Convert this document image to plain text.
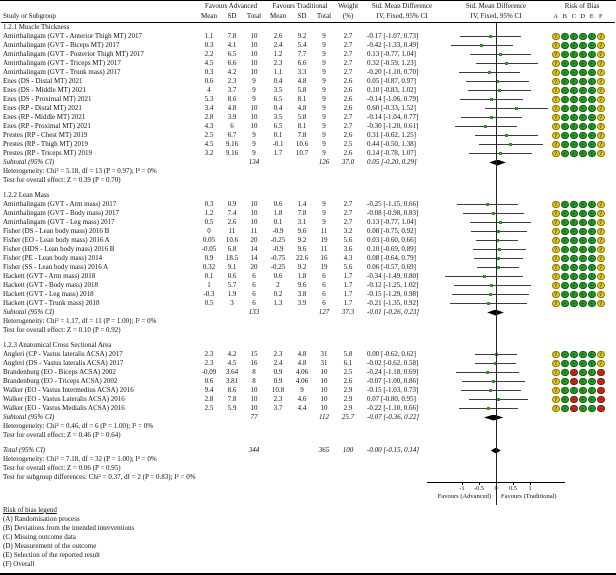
Study or Subgroup
Favours Advanced	Favours Traditional	Weight	Std. Mean Difference	Std. Mean Difference	Risk of Bias
Mean	SD	Total	Mean	SD	Total	(%)	IV, Fixed, 95% CI	IV, Fixed, 95% CI	A B C D E F
1.2.1 Muscle Thickness
Amirthalingam (GVT - Anterior Thigh MT) 2017	1.1	7.8	10	2.6	9.2	9	2.7	-0.17 [-1.07, 0.73]	?	+	+	+	+	?
Amirthalingam (GVT - Biceps MT) 2017	0.3	4.1	10	2.4	5.4	9	2.7	-0.42 [-1.33, 0.49]	?	+	+	+	+	?
Amirthalingam (GVT - Posterior Thigh MT) 2017	2.2	6.5	10	1.2	7.7	9	2.7	0.13 [-0.77, 1.04]	?	+	+	+	+	?
Amirthalingam (GVT - Triceps MT) 2017	4.5	6.6	10	2.3	6.6	9	2.7	0.32 [-0.59, 1.23]	?	+	+	+	+	?
Amirthalingam (GVT - Trunk mass) 2017	0.3	4.2	10	1.1	3.3	9	2.7	-0.20 [-1.10, 0.70]	?	+	+	+	+	?
Enes (DS - Distal MT) 2021	0.6	2.3	9	0.4	4.8	9	2.6	0.05 [-0.87, 0.97]	?	+	+	+	+	?
Enes (DS - Middle MT) 2021	4	3.7	9	3.5	5.8	9	2.6	0.10 [-0.83, 1.02]	?	+	+	+	+	?
Enes (DS - Proximal MT) 2021	5.3	8.6	9	6.5	8.1	9	2.6	-0.14 [-1.06, 0.79]	?	+	+	+	+	?
Enes (RP - Distal MT) 2021	3.4	4.8	10	0.4	4.8	9	2.6	0.60 [-0.33, 1.52]	?	+	+	+	+	?
Enes (RP - Middle MT) 2021	2.8	3.9	10	3.5	5.8	9	2.7	-0.14 [-1.04, 0.77]	?	+	+	+	+	?
Enes (RP - Proximal MT) 2021	4.3	6	10	6.5	8.1	9	2.7	-0.30 [-1.20, 0.61]	?	+	+	+	+	?
Prestes (RP - Chest MT) 2019	2.5	6.7	9	0.1	7.8	9	2.6	0.31 [-0.62, 1.25]	?	+	+	+	+	?
Prestes (RP - Thigh MT) 2019	4.5	9.16	9	-0.1	10.6	9	2.5	0.44 [-0.50, 1.38]	?	+	+	+	+	?
Prestes (RP - Triceps MT) 2019	3.2	9.16	9	1.7	10.7	9	2.6	0.14 [-0.78, 1.07]	?	+	+	+	+	?
Subtotal (95% CI)	134	126	37.0	0.05 [-0.20, 0.29]
Heterogeneity: Chi² = 5.18, df = 13 (P = 0.97); I² = 0%
Test for overall effect: Z = 0.39 (P = 0.70)
1.2.2 Lean Mass
Amirthalingam (GVT - Arm mass) 2017	0.3	0.9	10	0.6	1.4	9	2.7	-0.25 [-1.15, 0.66]	?	+	+	+	+	?
Amirthalingam (GVT - Body mass) 2017	1.2	7.4	10	1.8	7.8	9	2.7	-0.08 [-0.98, 0.83]	?	+	+	+	+	?
Amirthalingam (GVT - Leg mass) 2017	0.5	2.6	10	0.1	3.1	9	2.7	0.13 [-0.77, 1.04]	?	+	+	+	+	?
Fisher (DS - Lean body mass) 2016 B	0	11	11	-0.9	9.6	11	3.2	0.08 [-0.75, 0.92]	?	+	+	+	+	?
Fisher (EO - Lean body mass) 2016 A	0.05	10.6	20	-0.25	9.2	19	5.6	0.03 [-0.60, 0.66]	?	+	+	+	+	?
Fisher (HDS - Lean body mass) 2016 B	-0.05	6.8	14	-0.9	9.6	11	3.6	0.10 [-0.69, 0.89]	?	+	+	+	+	?
Fisher (PE - Lean body mass) 2014	0.9	18.5	14	-0.75	22.6	16	4.3	0.08 [-0.64, 0.79]	?	+	+	+	+	?
Fisher (SS - Lean body mass) 2016 A	0.32	9.1	20	-0.25	9.2	19	5.6	0.06 [-0.57, 0.69]	?	+	+	+	+	?
Hackett (GVT - Arm mass) 2018	0.1	0.6	6	0.6	1.8	6	1.7	-0.34 [-1.49, 0.80]	?	+	+	+	+	?
Hackett (GVT - Body mass) 2018	1	5.7	6	2	9.6	6	1.7	-0.12 [-1.25, 1.02]	?	+	+	+	+	?
Hackett (GVT - Leg mass) 2018	-0.3	1.9	6	0.2	3.8	6	1.7	-0.15 [-1.29, 0.98]	?	+	+	+	+	?
Hackett (GVT - Trunk mass) 2018	0.5	3	6	1.3	3.9	6	1.7	-0.21 [-1.35, 0.92]	?	+	+	+	+	?
Subtotal (95% CI)	133	127	37.3	-0.01 [-0.26, 0.23]
Heterogeneity: Chi² = 1.17, df = 11 (P = 1.00); I² = 0%
Test for overall effect: Z = 0.10 (P = 0.92)
1.2.3 Anatomical Cross Sectional Area
Angleri (CP - Vastus lateralis ACSA) 2017	2.3	4.2	15	2.3	4.8	31	5.8	0.00 [-0.62, 0.62]	?	+	+	+	+	?
Angleri (DS - Vastus lateralis ACSA) 2017	2.3	4.5	16	2.4	4.8	31	6.1	-0.02 [-0.62, 0.58]	?	+	+	+	+	?
Brandenburg (EO - Biceps ACSA) 2002	-0.09	3.64	8	0.9	4.06	10	2.5	-0.24 [-1.18, 0.69]	?	+	−	+	+	−
Brandenburg (EO - Triceps ACSA) 2002	0.6	3.81	8	0.9	4.06	10	2.6	-0.07 [-1.00, 0.86]	?	+	−	+	+	−
Walker (EO - Vastus Intermedius ACSA) 2016	9.4	8.6	10	10.8	9	10	2.9	-0.15 [-1.03, 0.73]	?	+	+	+	+	−
Walker (EO - Vastus Lateralis ACSA) 2016	2.8	7.8	10	2.3	4.6	10	2.9	0.07 [-0.80, 0.95]	?	+	−	+	+	−
Walker (EO - Vastus Medialis ACSA) 2016	2.5	5.9	10	3.7	4.4	10	2.9	-0.22 [-1.10, 0.66]	?	+	−	+	+	−
Subtotal (95% CI)	77	112	25.7	-0.07 [-0.36, 0.22]
Heterogeneity: Chi² = 0.46, df = 6 (P = 1.00); I² = 0%
Test for overall effect: Z = 0.46 (P = 0.64)
Total (95% CI)	344	365	100	-0.00 [-0.15, 0.14]
Heterogeneity: Chi² = 7.18, df = 32 (P = 1.00); I² = 0%
Test for overall effect: Z = 0.06 (P = 0.95)
Test for subgroup differences: Chi² = 0.37, df = 2 (P = 0.83); I² = 0%
-1	-0.5	0.5	1
Favours (Advanced) Favours (Traditional)
Risk of bias legend
(A) Randomisation process
(B) Deviations from the intended interventions
(C) Missing outcome data
(D) Measurement of the outcome
(E) Selection of the reported result
(F) Overall
